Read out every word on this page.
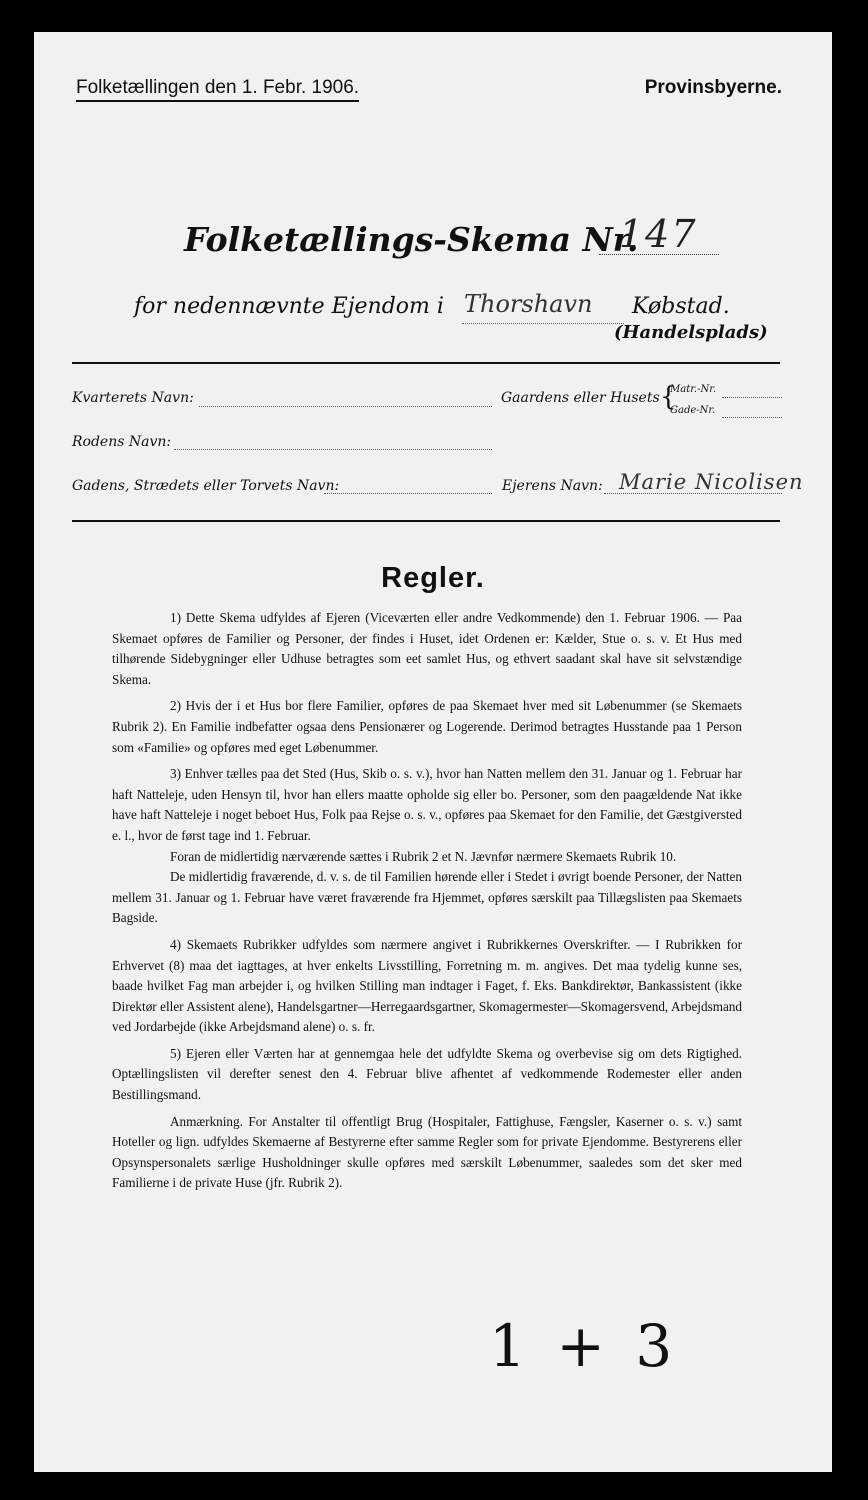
Folketællingen den 1. Febr. 1906.	Provinsbyerne.
Folketællings-Skema Nr.
147
for nedennævnte Ejendom i Thorshavn Købstad.
(Handelsplads)
Kvarterets Navn:	Gaardens eller Husets {
Matr.-Nr.
Gade-Nr.
Rodens Navn:
Gadens, Strædets eller Torvets Navn:	Ejerens Navn: Marie Nicolisen
Regler.

1) Dette Skema udfyldes af Ejeren (Viceværten eller andre Vedkommende) den 1. Februar 1906. — Paa Skemaet opføres de Familier og Personer, der findes i Huset, idet Ordenen er: Kælder, Stue o. s. v. Et Hus med tilhørende Sidebygninger eller Udhuse betragtes som eet samlet Hus, og ethvert saadant skal have sit selvstændige Skema.

2) Hvis der i et Hus bor flere Familier, opføres de paa Skemaet hver med sit Løbenummer (se Skemaets Rubrik 2). En Familie indbefatter ogsaa dens Pensionærer og Logerende. Derimod betragtes Husstande paa 1 Person som «Familie» og opføres med eget Løbenummer.

3) Enhver tælles paa det Sted (Hus, Skib o. s. v.), hvor han Natten mellem den 31. Januar og 1. Februar har haft Natteleje, uden Hensyn til, hvor han ellers maatte opholde sig eller bo. Personer, som den paagældende Nat ikke have haft Natteleje i noget beboet Hus, Folk paa Rejse o. s. v., opføres paa Skemaet for den Familie, det Gæstgiversted e. l., hvor de først tage ind 1. Februar.

Foran de midlertidig nærværende sættes i Rubrik 2 et N. Jævnfør nærmere Skemaets Rubrik 10.

De midlertidig fraværende, d. v. s. de til Familien hørende eller i Stedet i øvrigt boende Personer, der Natten mellem 31. Januar og 1. Februar have været fraværende fra Hjemmet, opføres særskilt paa Tillægslisten paa Skemaets Bagside.

4) Skemaets Rubrikker udfyldes som nærmere angivet i Rubrikkernes Overskrifter. — I Rubrikken for Erhvervet (8) maa det iagttages, at hver enkelts Livsstilling, Forretning m. m. angives. Det maa tydelig kunne ses, baade hvilket Fag man arbejder i, og hvilken Stilling man indtager i Faget, f. Eks. Bankdirektør, Bankassistent (ikke Direktør eller Assistent alene), Handelsgartner—Herregaardsgartner, Skomagermester—Skomagersvend, Arbejdsmand ved Jordarbejde (ikke Arbejdsmand alene) o. s. fr.

5) Ejeren eller Værten har at gennemgaa hele det udfyldte Skema og overbevise sig om dets Rigtighed. Optællingslisten vil derefter senest den 4. Februar blive afhentet af vedkommende Rodemester eller anden Bestillingsmand.

Anmærkning. For Anstalter til offentligt Brug (Hospitaler, Fattighuse, Fængsler, Kaserner o. s. v.) samt Hoteller og lign. udfyldes Skemaerne af Bestyrerne efter samme Regler som for private Ejendomme. Bestyrerens eller Opsynspersonalets særlige Husholdninger skulle opføres med særskilt Løbenummer, saaledes som det sker med Familierne i de private Huse (jfr. Rubrik 2).

1 + 3
